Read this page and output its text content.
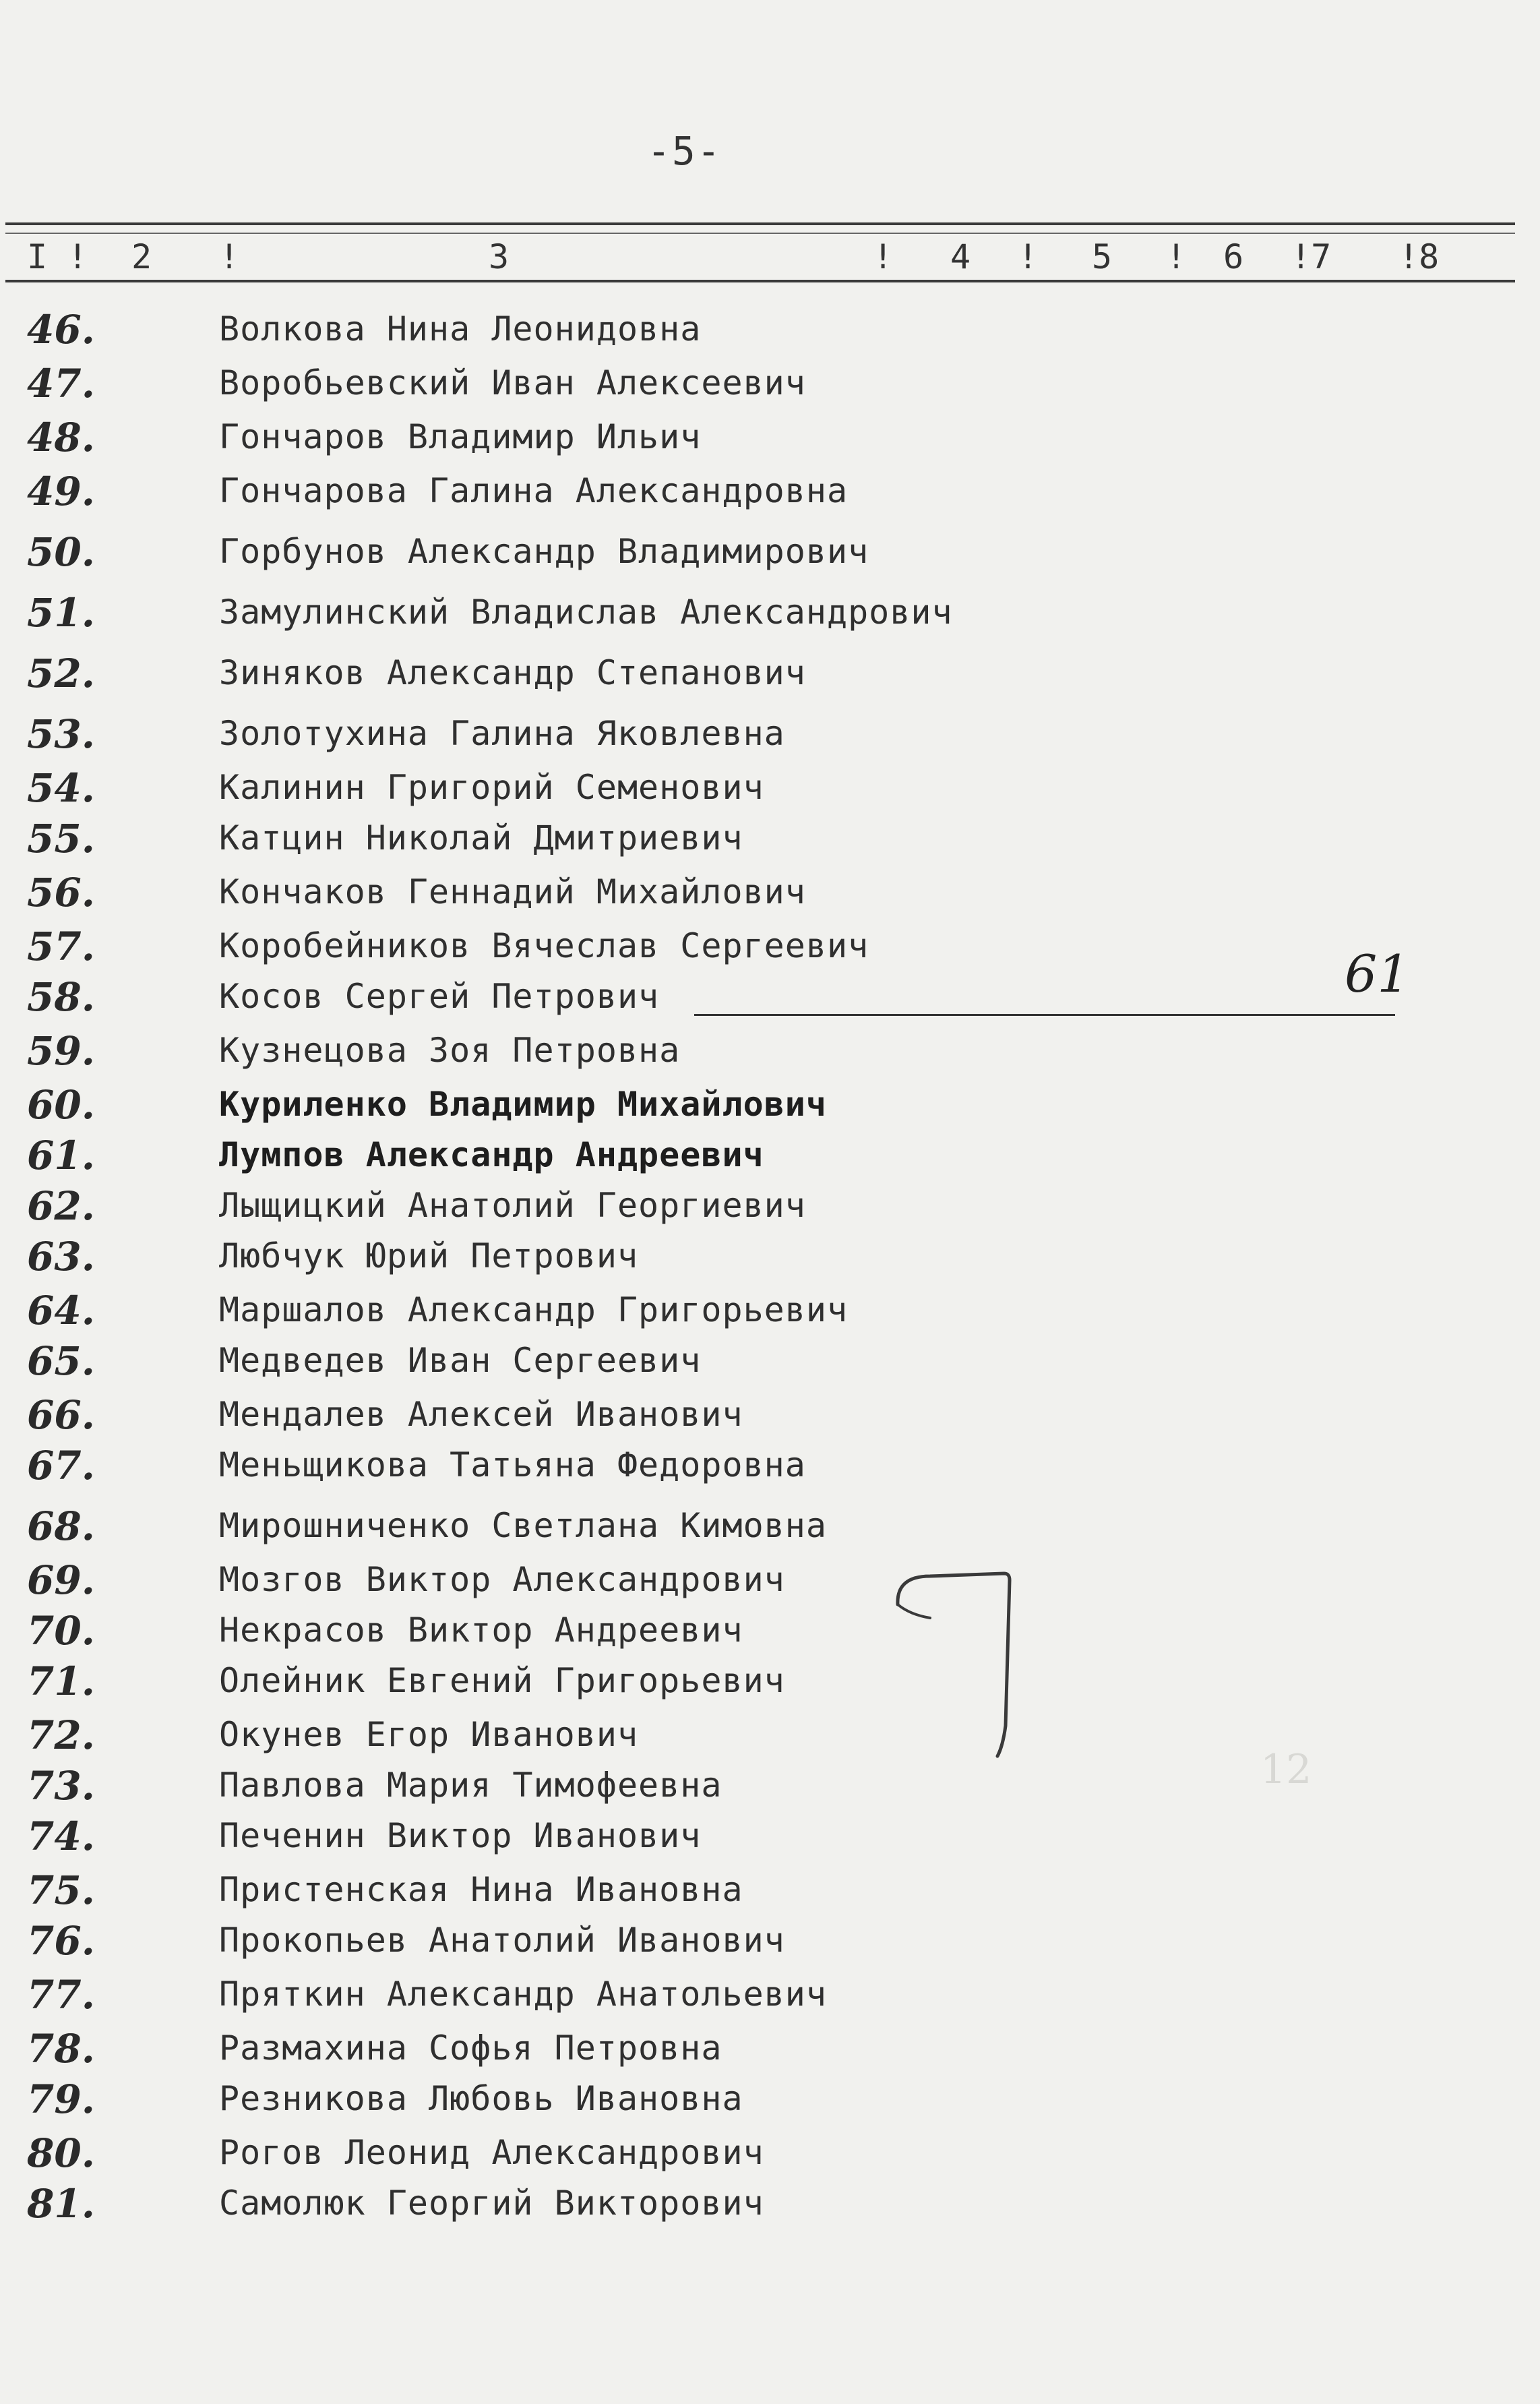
-5-
I ! 2 !	3	! 4 ! 5 ! 6 !7 !8
46.	Волкова Нина Леонидовна
47.	Воробьевский Иван Алексеевич
48.	Гончаров Владимир Ильич
49.	Гончарова Галина Александровна
50.	Горбунов Александр Владимирович
51.	Замулинский Владислав Александрович
52.	Зиняков Александр Степанович
53.	Золотухина Галина Яковлевна
54.	Калинин Григорий Семенович
55.	Катцин Николай Дмитриевич
56.	Кончаков Геннадий Михайлович
57.	Коробейников Вячеслав Сергеевич
58.	Косов Сергей Петрович
59.	Кузнецова Зоя Петровна
60.	Куриленко Владимир Михайлович
61.	Лумпов Александр Андреевич
62.	Лыщицкий Анатолий Георгиевич
63.	Любчук Юрий Петрович
64.	Маршалов Александр Григорьевич
65.	Медведев Иван Сергеевич
66.	Мендалев Алексей Иванович
67.	Меньщикова Татьяна Федоровна
68.	Мирошниченко Светлана Кимовна
69.	Мозгов Виктор Александрович
70.	Некрасов Виктор Андреевич
71.	Олейник Евгений Григорьевич
72.	Окунев Егор Иванович
73.	Павлова Мария Тимофеевна
74.	Печенин Виктор Иванович
75.	Пристенская Нина Ивановна
76.	Прокопьев Анатолий Иванович
77.	Пряткин Александр Анатольевич
78.	Размахина Софья Петровна
79.	Резникова Любовь Ивановна
80.	Рогов Леонид Александрович
81.	Самолюк Георгий Викторович
61
12
